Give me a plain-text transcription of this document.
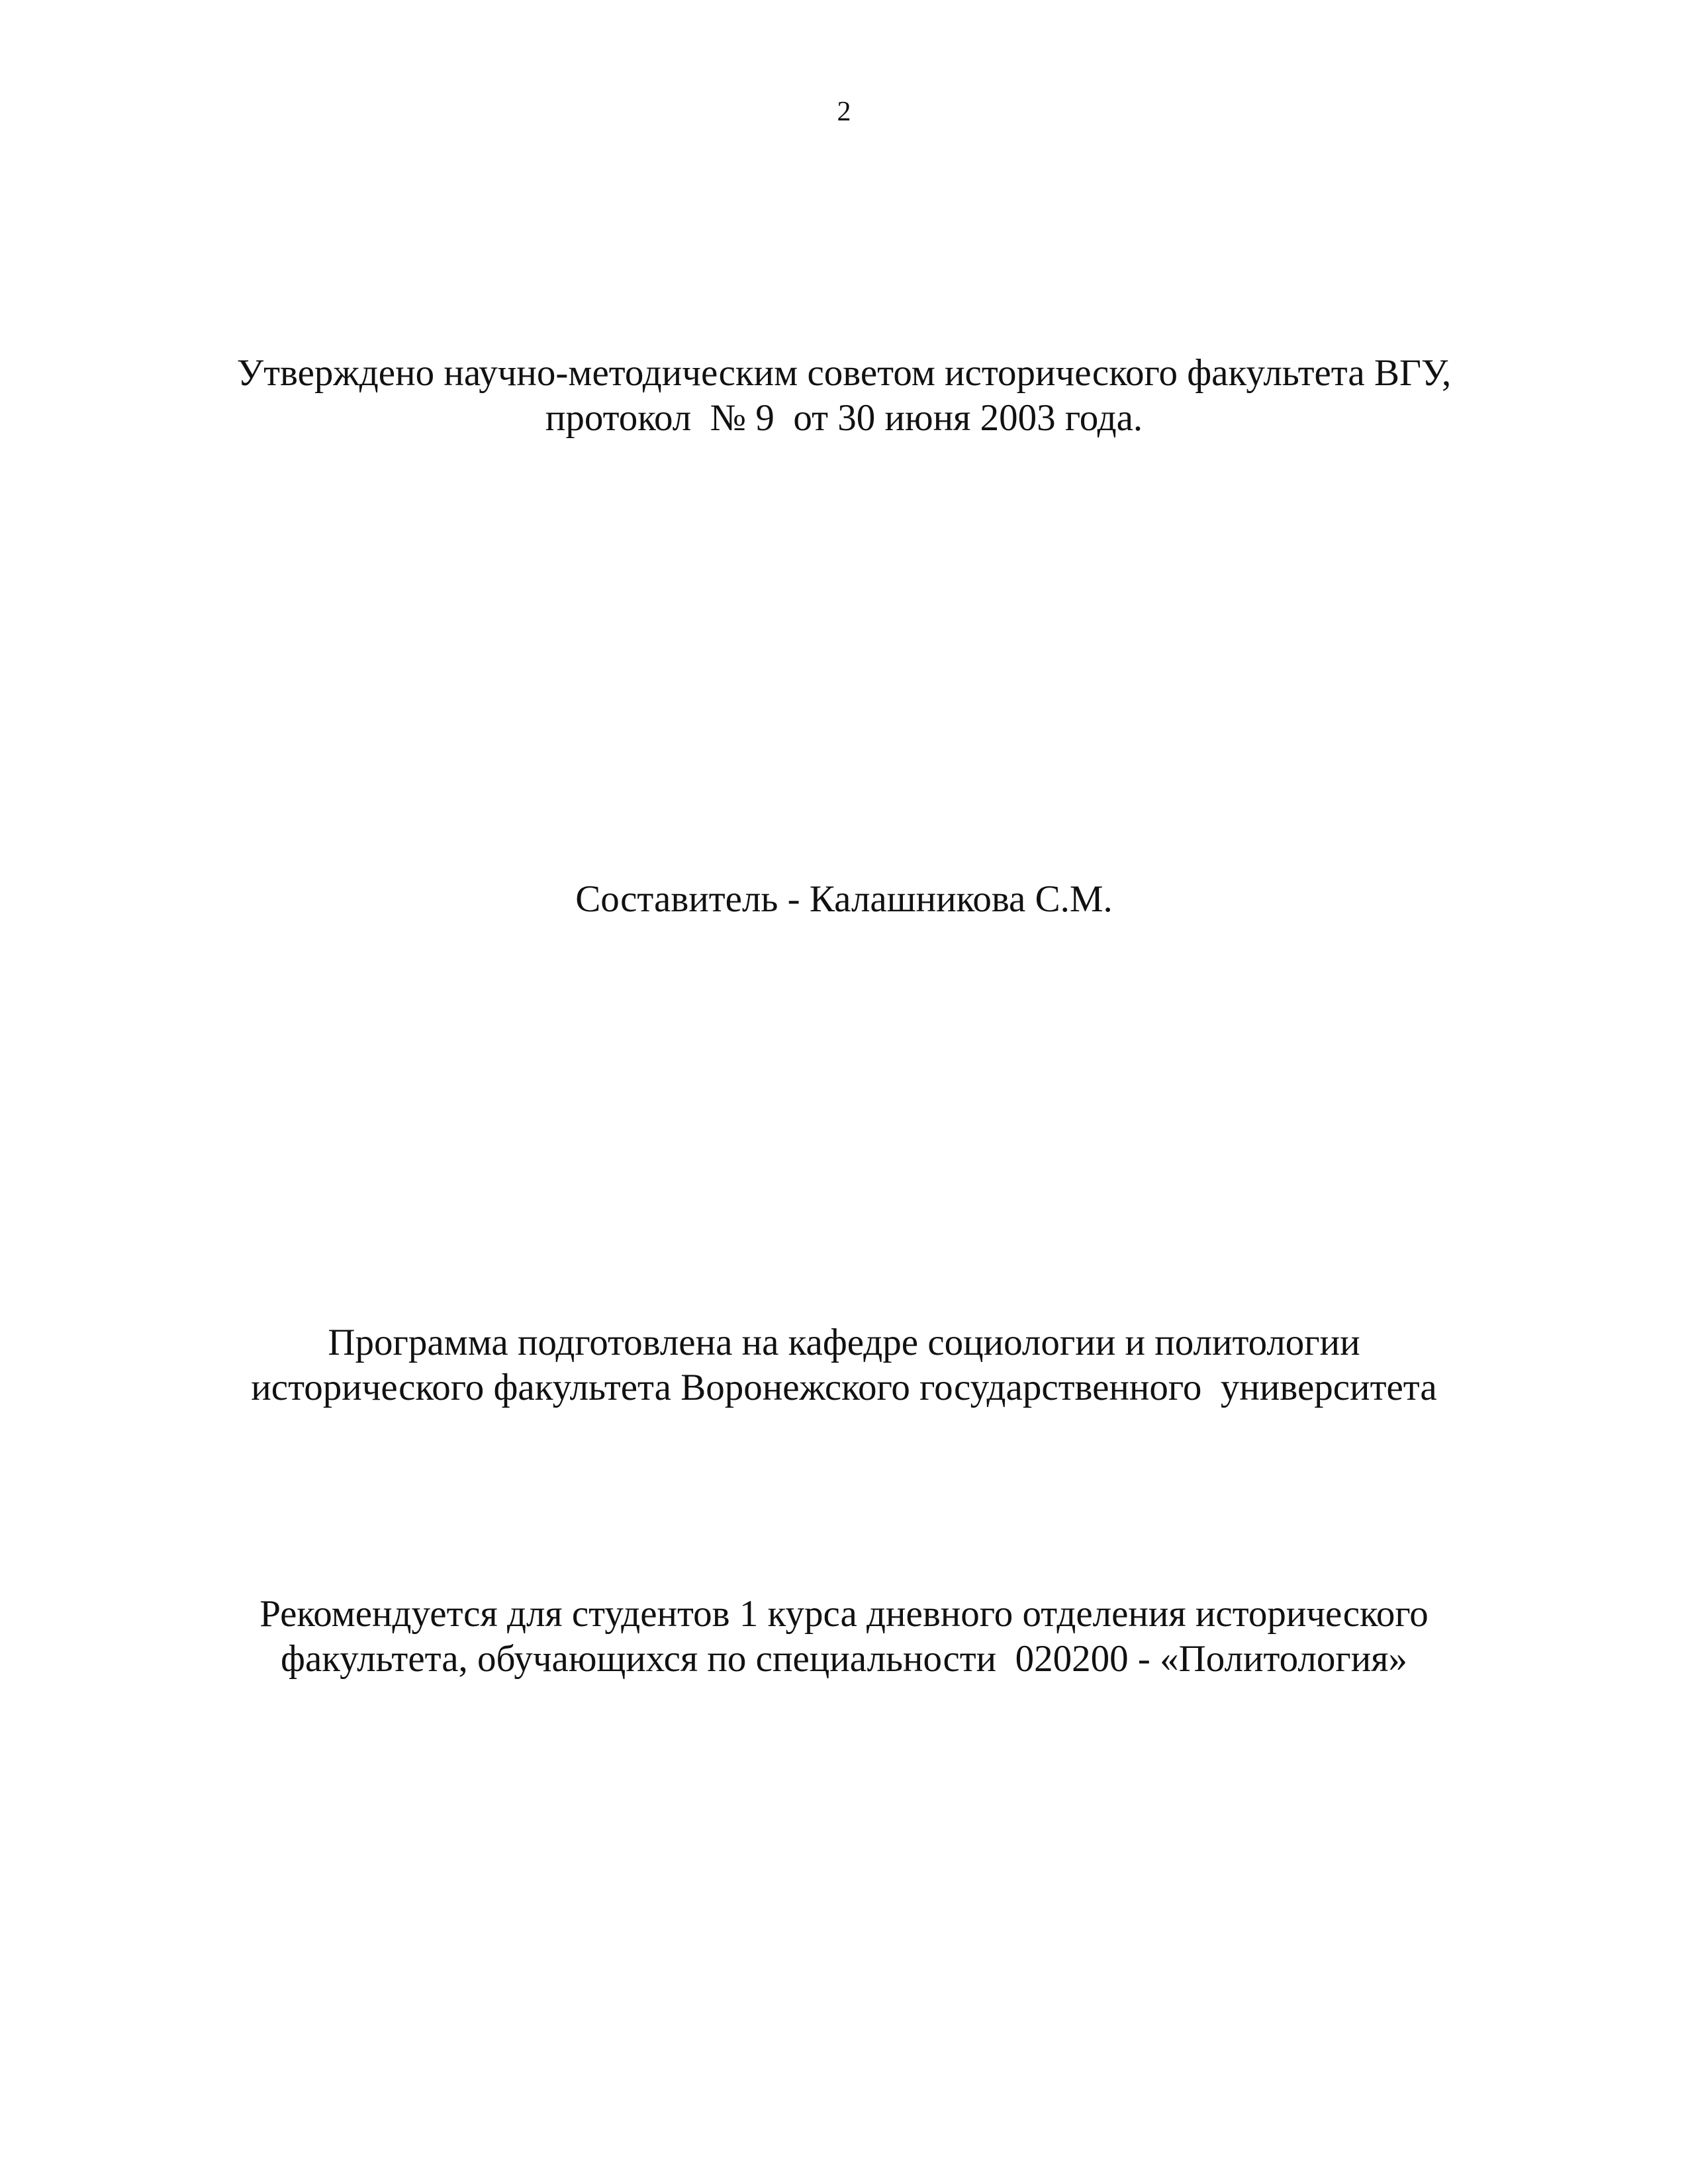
2
Утверждено научно-методическим советом исторического факультета ВГУ,
протокол  № 9  от 30 июня 2003 года.
Составитель - Калашникова С.М.
Программа подготовлена на кафедре социологии и политологии
исторического факультета Воронежского государственного  университета
Рекомендуется для студентов 1 курса дневного отделения исторического
факультета, обучающихся по специальности  020200 - «Политология»
